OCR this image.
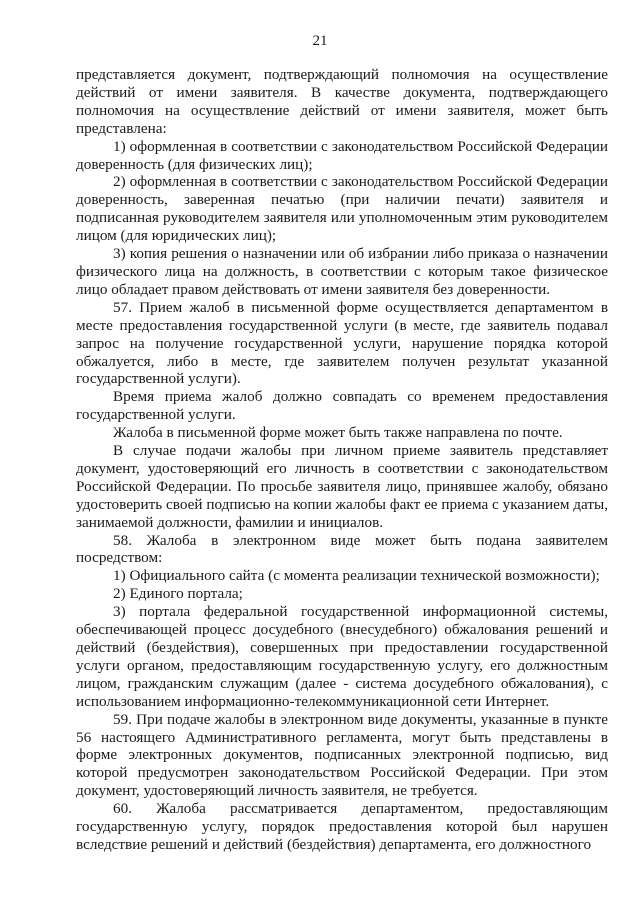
21

представляется документ, подтверждающий полномочия на осуществление действий от имени заявителя. В качестве документа, подтверждающего полномочия на осуществление действий от имени заявителя, может быть представлена:

1) оформленная в соответствии с законодательством Российской Федерации доверенность (для физических лиц);

2) оформленная в соответствии с законодательством Российской Федерации доверенность, заверенная печатью (при наличии печати) заявителя и подписанная руководителем заявителя или уполномоченным этим руководителем лицом (для юридических лиц);

3) копия решения о назначении или об избрании либо приказа о назначении физического лица на должность, в соответствии с которым такое физическое лицо обладает правом действовать от имени заявителя без доверенности.

57. Прием жалоб в письменной форме осуществляется департаментом в месте предоставления государственной услуги (в месте, где заявитель подавал запрос на получение государственной услуги, нарушение порядка которой обжалуется, либо в месте, где заявителем получен результат указанной государственной услуги).

Время приема жалоб должно совпадать со временем предоставления государственной услуги.

Жалоба в письменной форме может быть также направлена по почте.

В случае подачи жалобы при личном приеме заявитель представляет документ, удостоверяющий его личность в соответствии с законодательством Российской Федерации. По просьбе заявителя лицо, принявшее жалобу, обязано удостоверить своей подписью на копии жалобы факт ее приема с указанием даты, занимаемой должности, фамилии и инициалов.

58. Жалоба в электронном виде может быть подана заявителем посредством:

1) Официального сайта (с момента реализации технической возможности);

2) Единого портала;

3) портала федеральной государственной информационной системы, обеспечивающей процесс досудебного (внесудебного) обжалования решений и действий (бездействия), совершенных при предоставлении государственной услуги органом, предоставляющим государственную услугу, его должностным лицом, гражданским служащим (далее - система досудебного обжалования), с использованием информационно-телекоммуникационной сети Интернет.

59. При подаче жалобы в электронном виде документы, указанные в пункте 56 настоящего Административного регламента, могут быть представлены в форме электронных документов, подписанных электронной подписью, вид которой предусмотрен законодательством Российской Федерации. При этом документ, удостоверяющий личность заявителя, не требуется.

60. Жалоба рассматривается департаментом, предоставляющим государственную услугу, порядок предоставления которой был нарушен вследствие решений и действий (бездействия) департамента, его должностного
